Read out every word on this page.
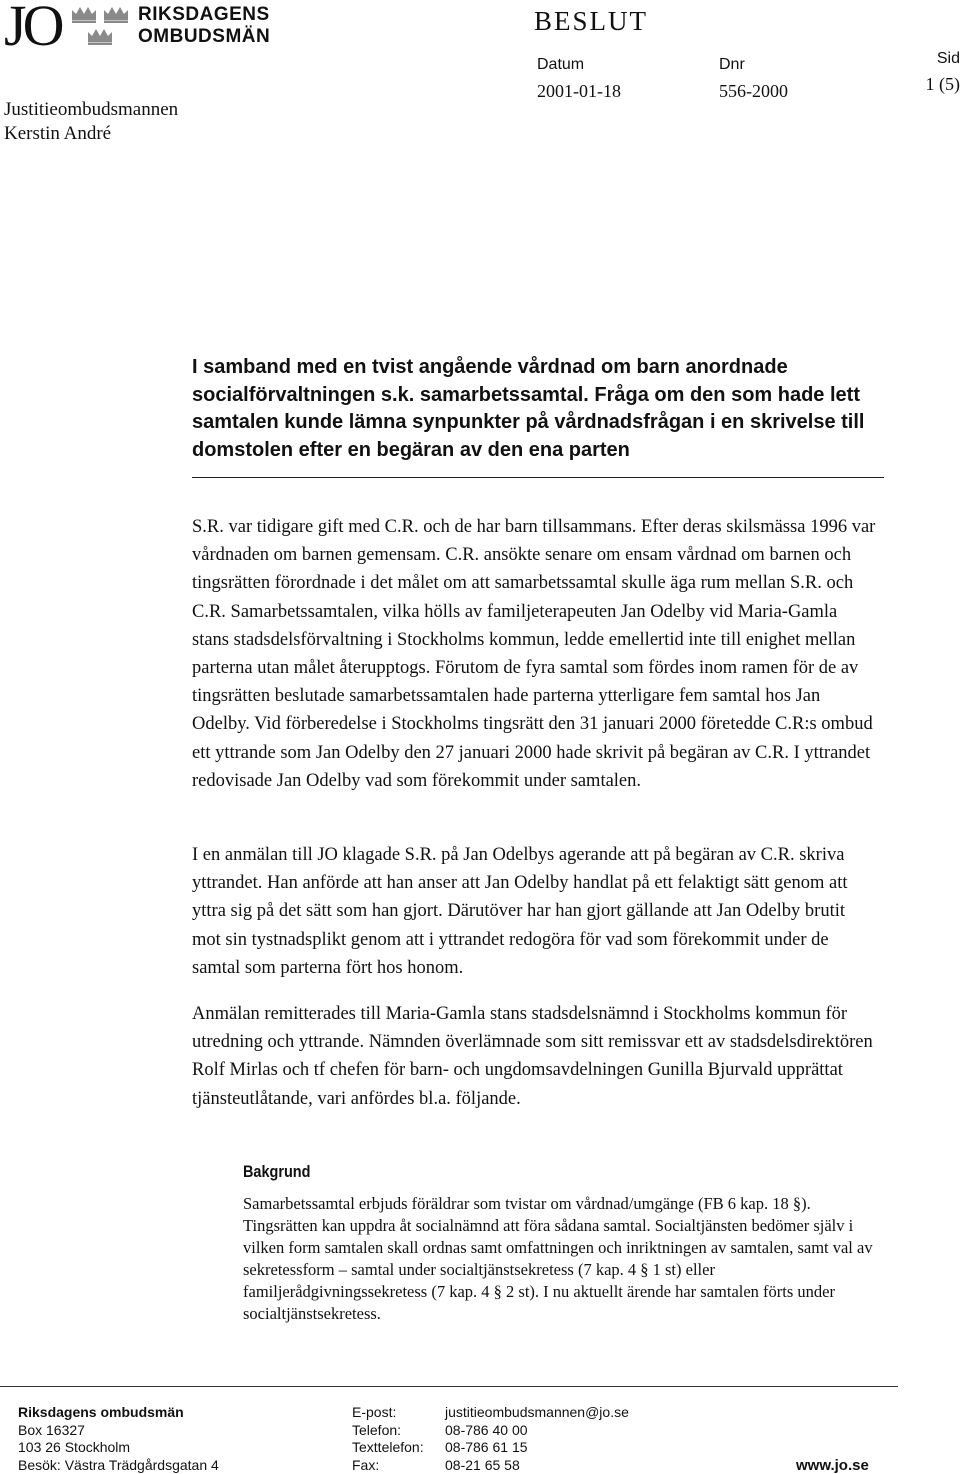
JO	RIKSDAGENS
OMBUDSMÄN
Justitieombudsmannen
Kerstin André
BESLUT
Datum
2001-01-18
Dnr
556-2000
Sid
1 (5)
I samband med en tvist angående vårdnad om barn anordnade socialförvaltningen s.k. samarbetssamtal. Fråga om den som hade lett samtalen kunde lämna synpunkter på vårdnadsfrågan i en skrivelse till domstolen efter en begäran av den ena parten
S.R. var tidigare gift med C.R. och de har barn tillsammans. Efter deras skilsmässa 1996 var vårdnaden om barnen gemensam. C.R. ansökte senare om ensam vårdnad om barnen och tingsrätten förordnade i det målet om att samarbetssamtal skulle äga rum mellan S.R. och C.R. Samarbetssamtalen, vilka hölls av familjeterapeuten Jan Odelby vid Maria-Gamla stans stadsdelsförvaltning i Stockholms kommun, ledde emellertid inte till enighet mellan parterna utan målet återupptogs. Förutom de fyra samtal som fördes inom ramen för de av tingsrätten beslutade samarbetssamtalen hade parterna ytterligare fem samtal hos Jan Odelby. Vid förberedelse i Stockholms tingsrätt den 31 januari 2000 företedde C.R:s ombud ett yttrande som Jan Odelby den 27 januari 2000 hade skrivit på begäran av C.R. I yttrandet redovisade Jan Odelby vad som förekommit under samtalen.
I en anmälan till JO klagade S.R. på Jan Odelbys agerande att på begäran av C.R. skriva yttrandet. Han anförde att han anser att Jan Odelby handlat på ett felaktigt sätt genom att yttra sig på det sätt som han gjort. Därutöver har han gjort gällande att Jan Odelby brutit mot sin tystnadsplikt genom att i yttrandet redogöra för vad som förekommit under de samtal som parterna fört hos honom.
Anmälan remitterades till Maria-Gamla stans stadsdelsnämnd i Stockholms kommun för utredning och yttrande. Nämnden överlämnade som sitt remissvar ett av stadsdelsdirektören Rolf Mirlas och tf chefen för barn- och ungdomsavdelningen Gunilla Bjurvald upprättat tjänsteutlåtande, vari anfördes bl.a. följande.
Bakgrund
Samarbetssamtal erbjuds föräldrar som tvistar om vårdnad/umgänge (FB 6 kap. 18 §). Tingsrätten kan uppdra åt socialnämnd att föra sådana samtal. Socialtjänsten bedömer själv i vilken form samtalen skall ordnas samt omfattningen och inriktningen av samtalen, samt val av sekretessform – samtal under socialtjänstsekretess (7 kap. 4 § 1 st) eller familjerådgivningssekretess (7 kap. 4 § 2 st). I nu aktuellt ärende har samtalen förts under socialtjänstsekretess.
Riksdagens ombudsmän
Box 16327
103 26 Stockholm
Besök: Västra Trädgårdsgatan 4
E-post:	justitieombudsmannen@jo.se
Telefon:	08-786 40 00
Texttelefon:	08-786 61 15
Fax:	08-21 65 58	www.jo.se
